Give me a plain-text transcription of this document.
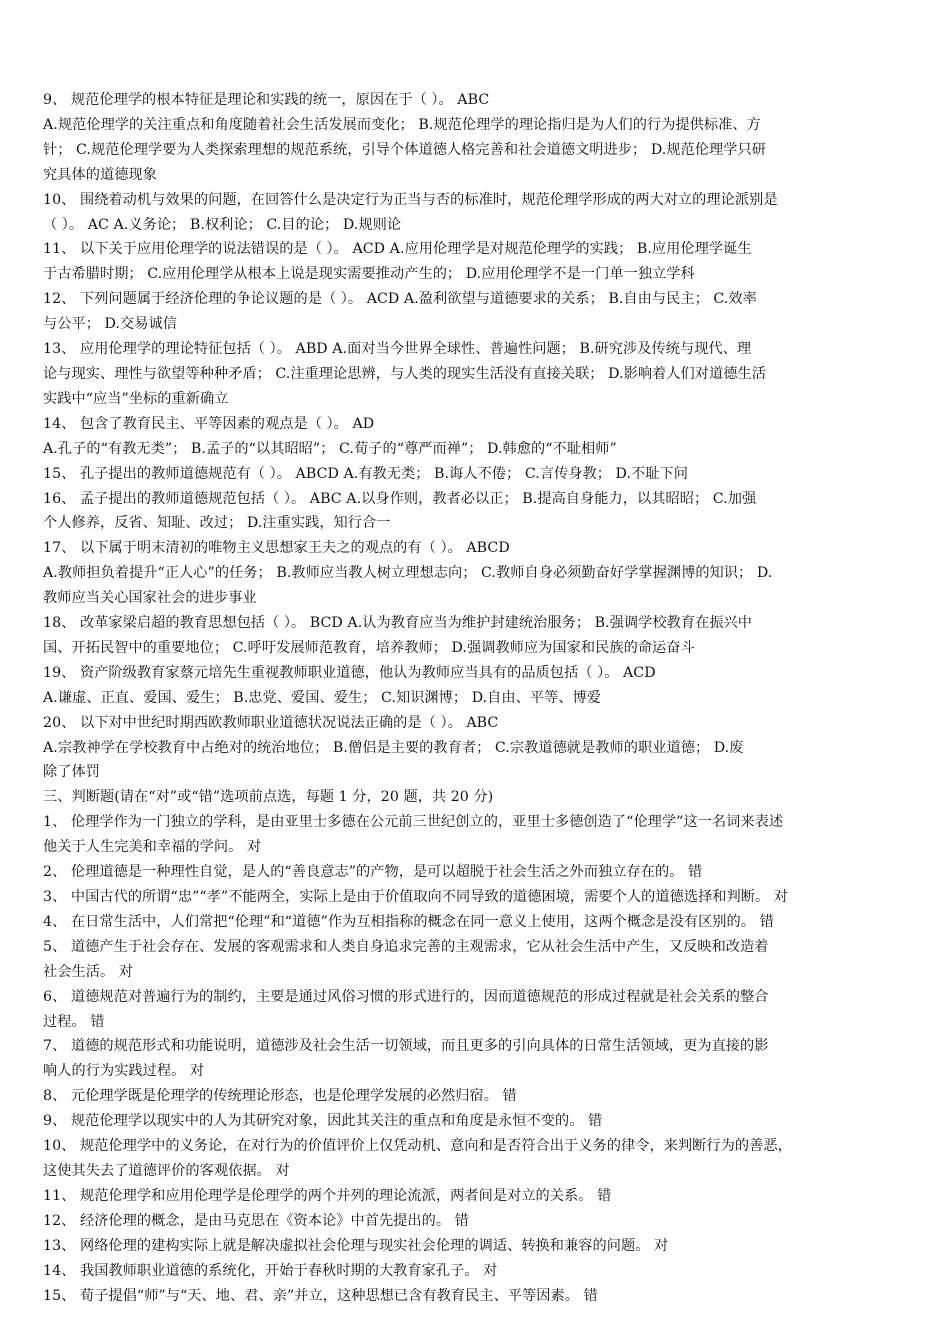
9、 规范伦理学的根本特征是理论和实践的统一，原因在于（ ）。 ABC
A.规范伦理学的关注重点和角度随着社会生活发展而变化； B.规范伦理学的理论指归是为人们的行为提供标准、方
针； C.规范伦理学要为人类探索理想的规范系统，引导个体道德人格完善和社会道德文明进步； D.规范伦理学只研
究具体的道德现象
10、 围绕着动机与效果的问题，在回答什么是决定行为正当与否的标准时，规范伦理学形成的两大对立的理论派别是
（ ）。 AC A.义务论； B.权利论； C.目的论； D.规则论
11、 以下关于应用伦理学的说法错误的是（ ）。 ACD A.应用伦理学是对规范伦理学的实践； B.应用伦理学诞生
于古希腊时期； C.应用伦理学从根本上说是现实需要推动产生的； D.应用伦理学不是一门单一独立学科
12、 下列问题属于经济伦理的争论议题的是（ ）。 ACD A.盈利欲望与道德要求的关系； B.自由与民主； C.效率
与公平； D.交易诚信
13、 应用伦理学的理论特征包括（ ）。 ABD A.面对当今世界全球性、普遍性问题； B.研究涉及传统与现代、理
论与现实、理性与欲望等种种矛盾； C.注重理论思辨，与人类的现实生活没有直接关联； D.影响着人们对道德生活
实践中“应当”坐标的重新确立
14、 包含了教育民主、平等因素的观点是（ ）。 AD
A.孔子的“有教无类”； B.孟子的“以其昭昭”； C.荀子的“尊严而禅”； D.韩愈的“不耻相师”
15、 孔子提出的教师道德规范有（ ）。 ABCD A.有教无类； B.诲人不倦； C.言传身教； D.不耻下问
16、 孟子提出的教师道德规范包括（ ）。 ABC A.以身作则，教者必以正； B.提高自身能力，以其昭昭； C.加强
个人修养，反省、知耻、改过； D.注重实践，知行合一
17、 以下属于明末清初的唯物主义思想家王夫之的观点的有（ ）。 ABCD
A.教师担负着提升“正人心”的任务； B.教师应当教人树立理想志向； C.教师自身必须勤奋好学掌握渊博的知识； D.
教师应当关心国家社会的进步事业
18、 改革家梁启超的教育思想包括（ ）。 BCD A.认为教育应当为维护封建统治服务； B.强调学校教育在振兴中
国、开拓民智中的重要地位； C.呼吁发展师范教育，培养教师； D.强调教师应为国家和民族的命运奋斗
19、 资产阶级教育家蔡元培先生重视教师职业道德，他认为教师应当具有的品质包括（ ）。 ACD
A.谦虚、正直、爱国、爱生； B.忠党、爱国、爱生； C.知识渊博； D.自由、平等、博爱
20、 以下对中世纪时期西欧教师职业道德状况说法正确的是（ ）。 ABC
A.宗教神学在学校教育中占绝对的统治地位； B.僧侣是主要的教育者； C.宗教道德就是教师的职业道德； D.废
除了体罚
三、判断题(请在“对”或“错”选项前点选，每题 1 分，20 题，共 20 分)
1、 伦理学作为一门独立的学科，是由亚里士多德在公元前三世纪创立的，亚里士多德创造了“伦理学”这一名词来表述
他关于人生完美和幸福的学问。 对
2、 伦理道德是一种理性自觉，是人的“善良意志”的产物，是可以超脱于社会生活之外而独立存在的。 错
3、 中国古代的所谓“忠”“孝”不能两全，实际上是由于价值取向不同导致的道德困境，需要个人的道德选择和判断。 对
4、 在日常生活中，人们常把“伦理”和“道德”作为互相指称的概念在同一意义上使用，这两个概念是没有区别的。 错
5、 道德产生于社会存在、发展的客观需求和人类自身追求完善的主观需求，它从社会生活中产生，又反映和改造着
社会生活。 对
6、 道德规范对普遍行为的制约，主要是通过风俗习惯的形式进行的，因而道德规范的形成过程就是社会关系的整合
过程。 错
7、 道德的规范形式和功能说明，道德涉及社会生活一切领域，而且更多的引向具体的日常生活领域，更为直接的影
响人的行为实践过程。 对
8、 元伦理学既是伦理学的传统理论形态，也是伦理学发展的必然归宿。 错
9、 规范伦理学以现实中的人为其研究对象，因此其关注的重点和角度是永恒不变的。 错
10、 规范伦理学中的义务论，在对行为的价值评价上仅凭动机、意向和是否符合出于义务的律令，来判断行为的善恶，
这使其失去了道德评价的客观依据。 对
11、 规范伦理学和应用伦理学是伦理学的两个并列的理论流派，两者间是对立的关系。 错
12、 经济伦理的概念，是由马克思在《资本论》中首先提出的。 错
13、 网络伦理的建构实际上就是解决虚拟社会伦理与现实社会伦理的调适、转换和兼容的问题。 对
14、 我国教师职业道德的系统化，开始于春秋时期的大教育家孔子。 对
15、 荀子提倡“师”与“天、地、君、亲”并立，这种思想已含有教育民主、平等因素。 错
